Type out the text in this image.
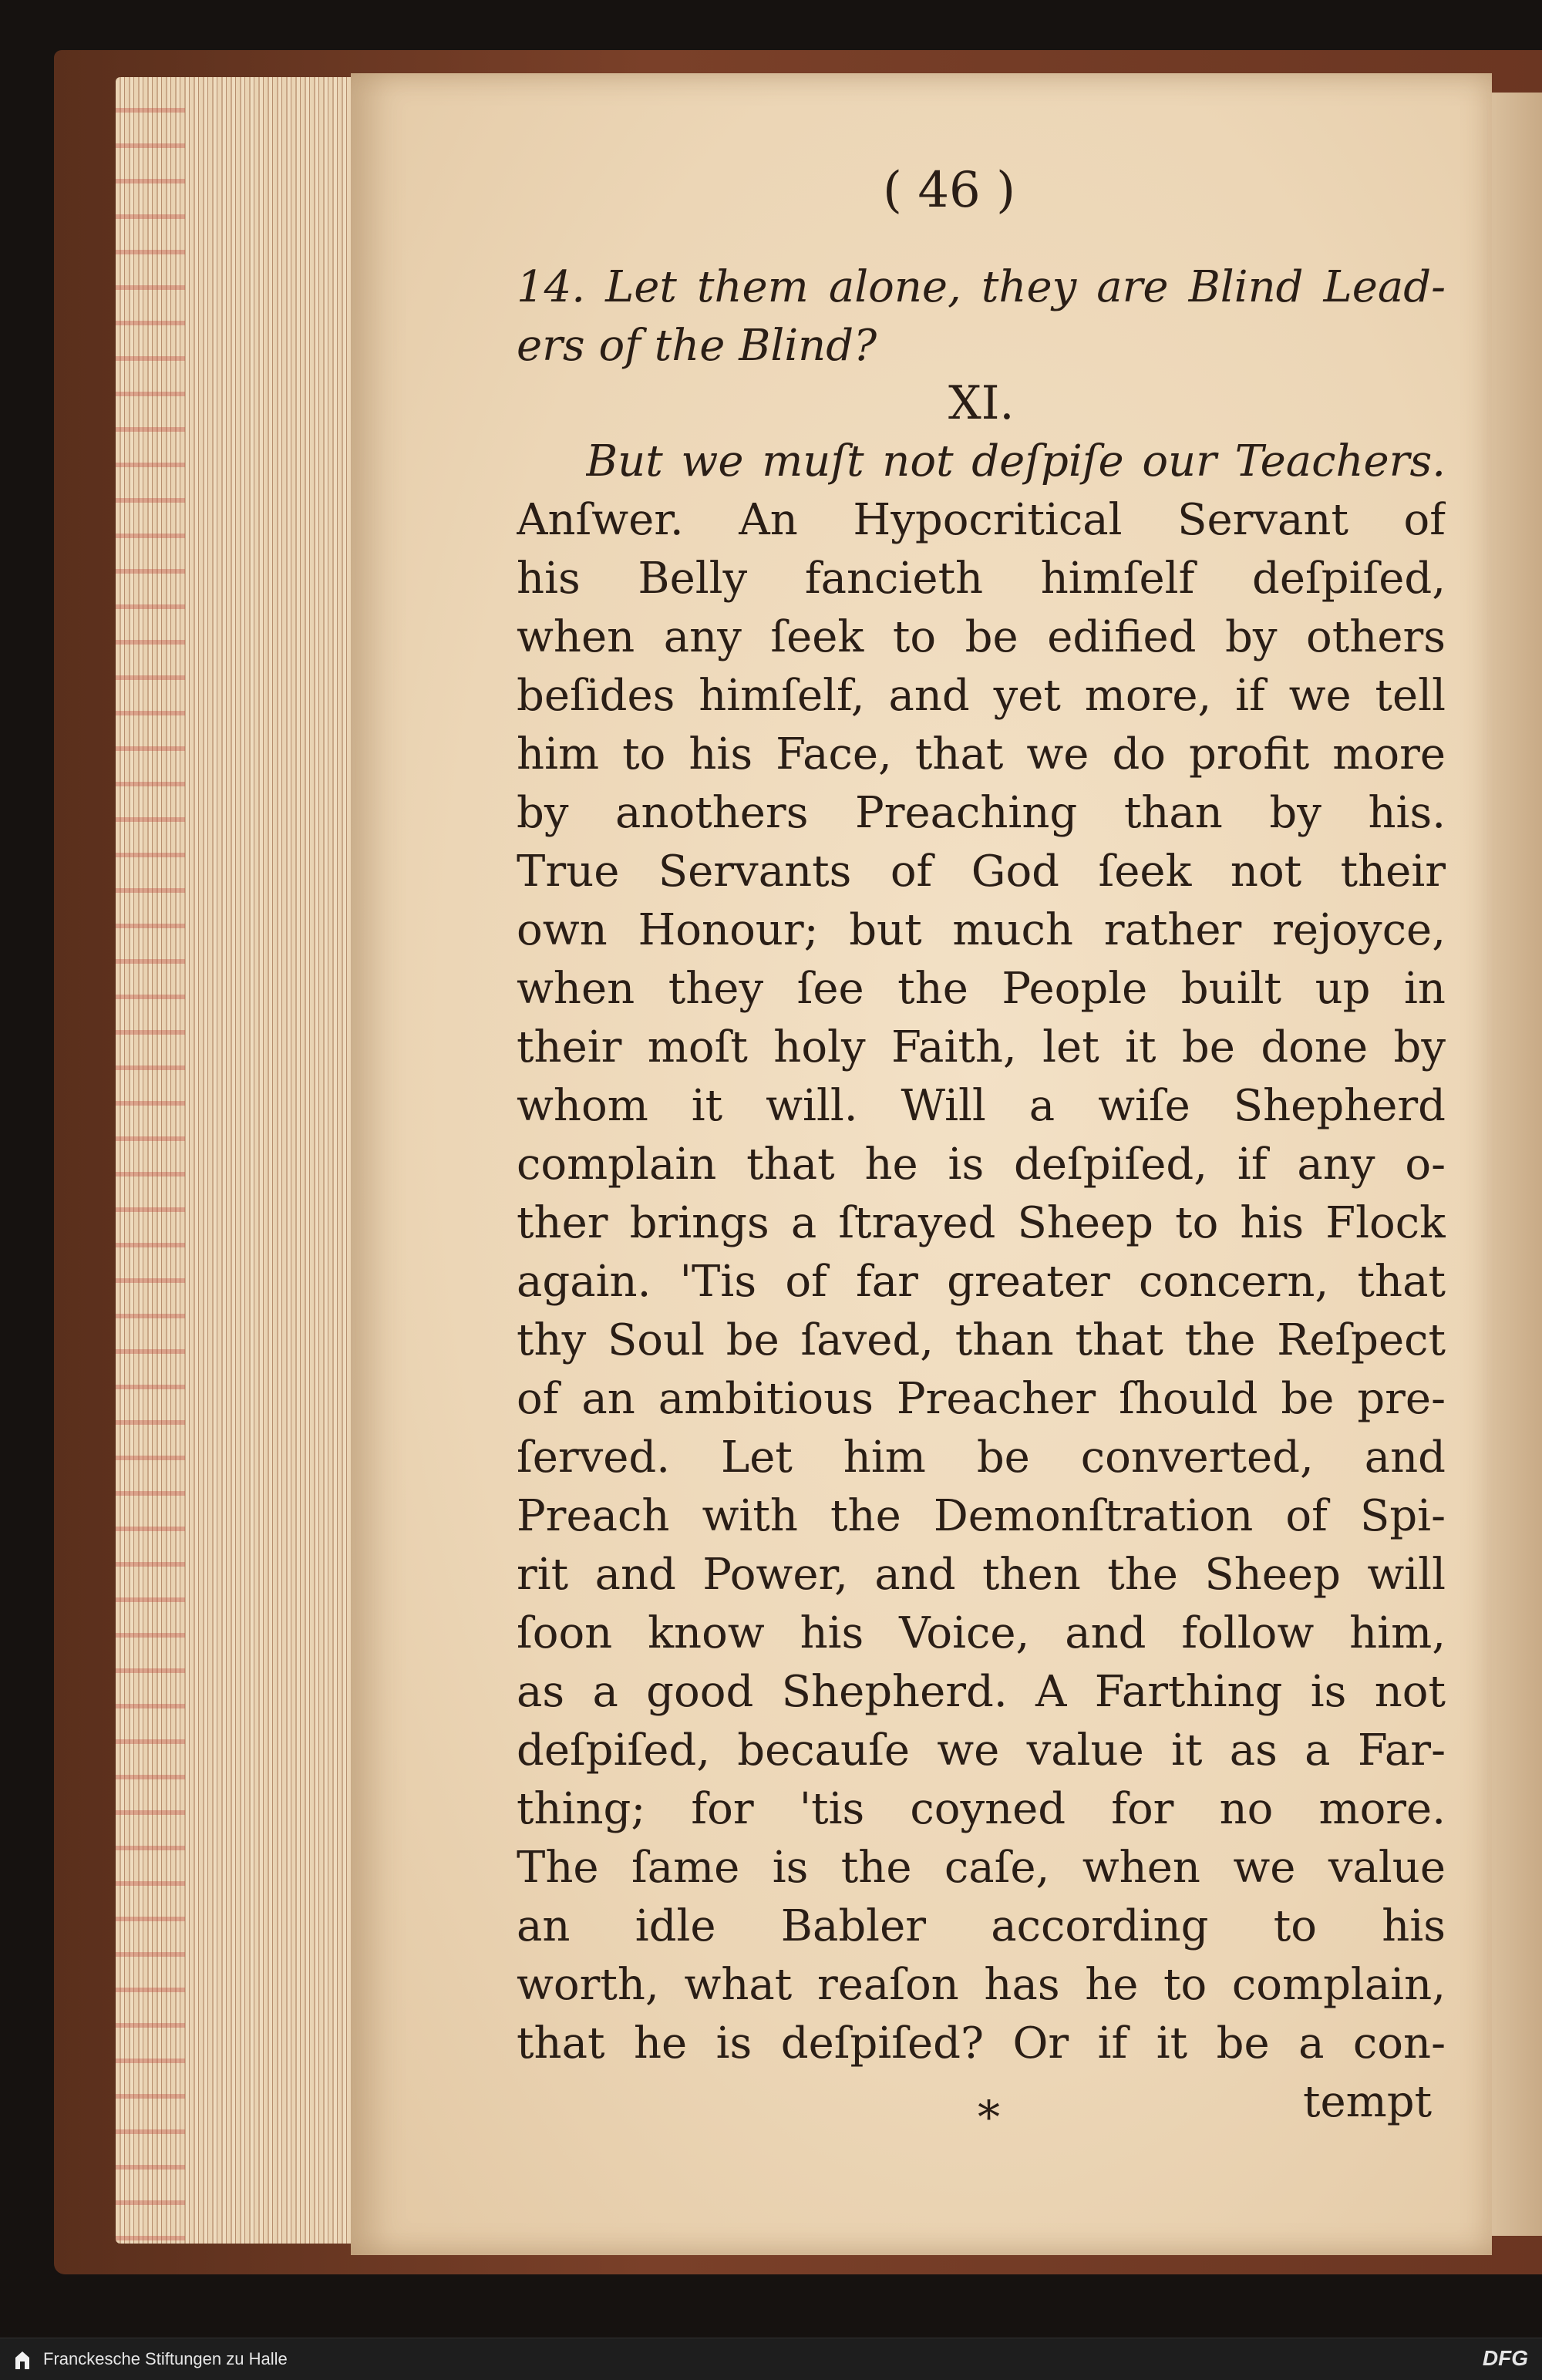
( 46 )
14. Let them alone, they are Blind Lead-
ers of the Blind?
XI.
But we muſt not deſpiſe our Teachers.
Anſwer. An Hypocritical Servant of
his Belly fancieth himſelf deſpiſed,
when any ſeek to be edified by others
beſides himſelf, and yet more, if we tell
him to his Face, that we do profit more
by anothers Preaching than by his.
True Servants of God ſeek not their
own Honour; but much rather rejoyce,
when they ſee the People built up in
their moſt holy Faith, let it be done by
whom it will. Will a wiſe Shepherd
complain that he is deſpiſed, if any o-
ther brings a ſtrayed Sheep to his Flock
again. 'Tis of far greater concern, that
thy Soul be ſaved, than that the Reſpect
of an ambitious Preacher ſhould be pre-
ſerved. Let him be converted, and
Preach with the Demonſtration of Spi-
rit and Power, and then the Sheep will
ſoon know his Voice, and follow him,
as a good Shepherd. A Farthing is not
deſpiſed, becauſe we value it as a Far-
thing; for 'tis coyned for no more.
The ſame is the caſe, when we value
an idle Babler according to his
worth, what reaſon has he to complain,
that he is deſpiſed? Or if it be a con-
tempt
*
Franckesche Stiftungen zu Halle	DFG
